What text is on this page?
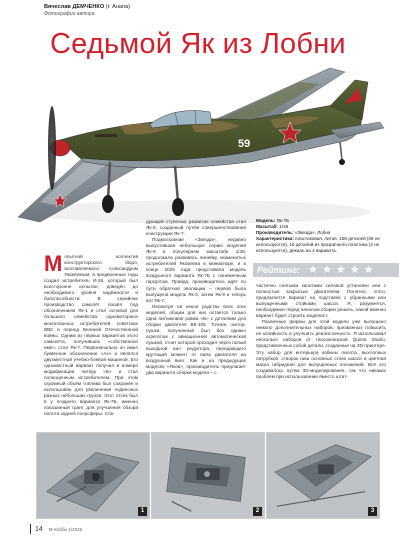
Вячеслав ДЕМЧЕНКО (г. Анапа)
Фотографии автора
Седьмой Як из Лобни
59
Модель: Як-7Б
Масштаб: 1/48
Производитель: «Звезда», Лобня
Характеристика: пластиковая, литая, 158 деталей (36 не используются), 16 деталей из прозрачного пластика (4 не используются), декаль на 4 варианта.
Рейтинг: ★ ★ ★ ★ ★
М опытной коллектив конструкторского бюро, возглавляемого Александром Яковлевым, в предвоенные годы создал истребитель И-26, который был всесторонне испытан, доведён до необходимого уровня надёжности и боеспособности. В серийное производство самолёт пошёл под обозначением Як-1 и стал основой для большого семейства одномоторных монопланных истребителей советских ВВС в период Великой Отечественной войны. Одним из первых вариантов этого самолёта, получивших «собственное имя», стал Як-7. Первоначально он имел буквенное обозначение «Ах» и являлся двухместной учебно-боевой машиной. Его одноместный вариант получил в номере модификации литеру «Б» и стал полноценным истребителем. При этом огромный объём топлива был сохранён и использован для увеличения подвесных разных небольших грузов. Этот отсек был в у позднего варианта Як-7Б, именно показанный грант для улучшения обзора пилота задней полусферы. Сле-

дующей ступенью развития семейства стал Як-9, созданный путём совершенствования конструкции Як-7.

Подмосковная «Звезда», недавно выпустившая небольшую серию моделей Як-9 в популярном масштабе 1/48, продолжила развивать линейку знаменитых истребителей Яковлева в миниатюре, и в конце 2025 года представила модель воздушного варианта Як-7Б с пониженным гаргротом. Правда, производитель идёт по пути обратной эволюции – первой была выпущена модель Як-3, затем Як-9 и теперь вот Як-7.

Несмотря на некое родство всех этих моделей, общим для них остается только одна литниковая рамка «Б» с деталями для сборки двигателя ВК-105. Точнее, мотор-пушка, полученный был без однако агрегатом с авиационной автоматической пушкой, стоит которой проходил через полый выходной вал редуктора, передающего крутящий момент от вала двигателя на воздушный винт. Как и на предыдущих моделях «Яков», производитель предлагает два варианта сборки модели – с

частично снятыми капотами силовой установки или с полностью закрытым двигателем. Понятно, этого, предлагается вариант на подставке с убранными или выпущенными стойками шасси. Я, разумеется, необходимое перед началом сборки решить, какой именно вариант будет строить моделист.

Различные фирмы для этой модели уже выпущено немало дополнительных наборов, призванных повысить ее копийность и улучшить реалистичность. Я использовал несколько наборов от тихоокеанской Quinta Studio, представленных собой детали, созданные на 3D-принтере. Эту набор для интерьера кабины пилота, выхлопных патрубков, створок ниш основных стоек шасси и цветная маска гибридная для выпущенных положений. Всё это создавалось путем 3D-моделирования, так что никаких проблем при использовании вместо штат-

1	2	3
14 М-Хобби 1/2026
